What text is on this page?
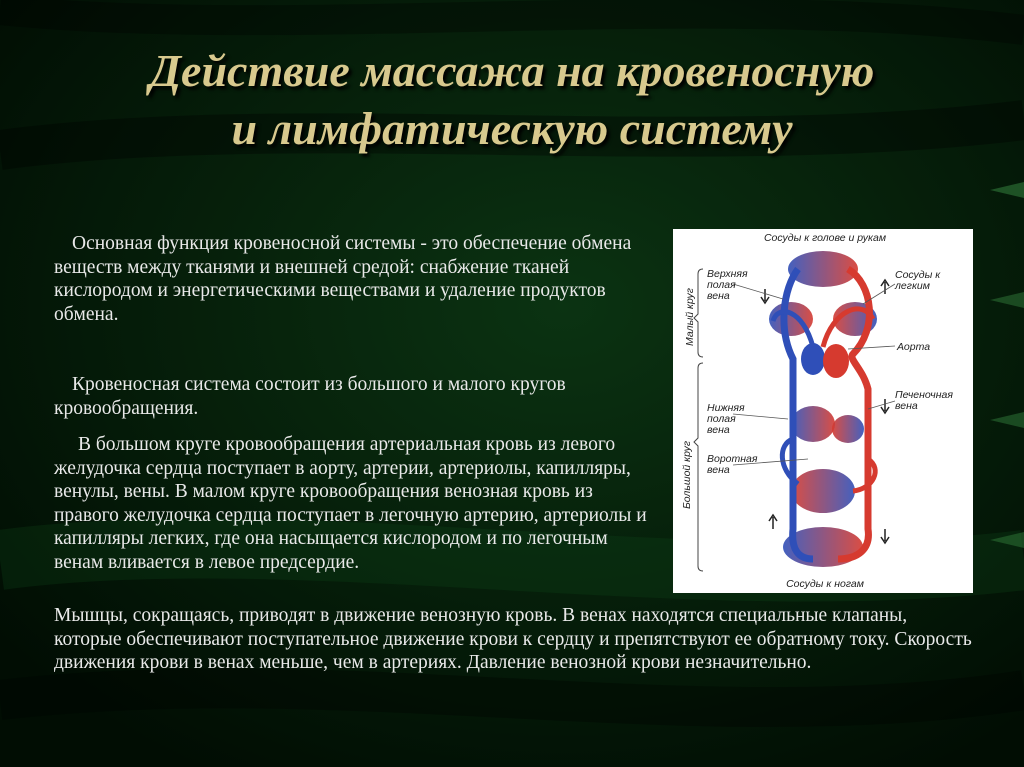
Действие массажа на кровеносную
и лимфатическую систему

Основная функция кровеносной системы - это обеспечение обмена веществ между тканями и внешней средой: снабжение тканей кислородом и энергетическими веществами и удаление продуктов обмена.

Кровеносная система состоит из большого и малого кругов кровообращения.

В большом круге кровообращения артериальная кровь из левого желудочка сердца поступает в аорту, артерии, артериолы, капилляры, венулы, вены. В малом круге кровообращения венозная кровь из правого желудочка сердца поступает в легочную артерию, артериолы и капилляры легких, где она насыщается кислородом и по легочным венам вливается в левое предсердие.

Мышцы, сокращаясь, приводят в движение венозную кровь. В венах находятся специальные клапаны, которые обеспечивают поступательное движение крови к сердцу и препятствуют ее обратному току. Скорость движения крови в венах меньше, чем в артериях. Давление венозной крови незначительно.

Сосуды к голове и рукам
Сосуды к ногам
Малый круг
Большой круг
Верхняя
полая
вена
Сосуды к
легким
Аорта
Печеночная
вена
Нижняя
полая
вена
Воротная
вена
